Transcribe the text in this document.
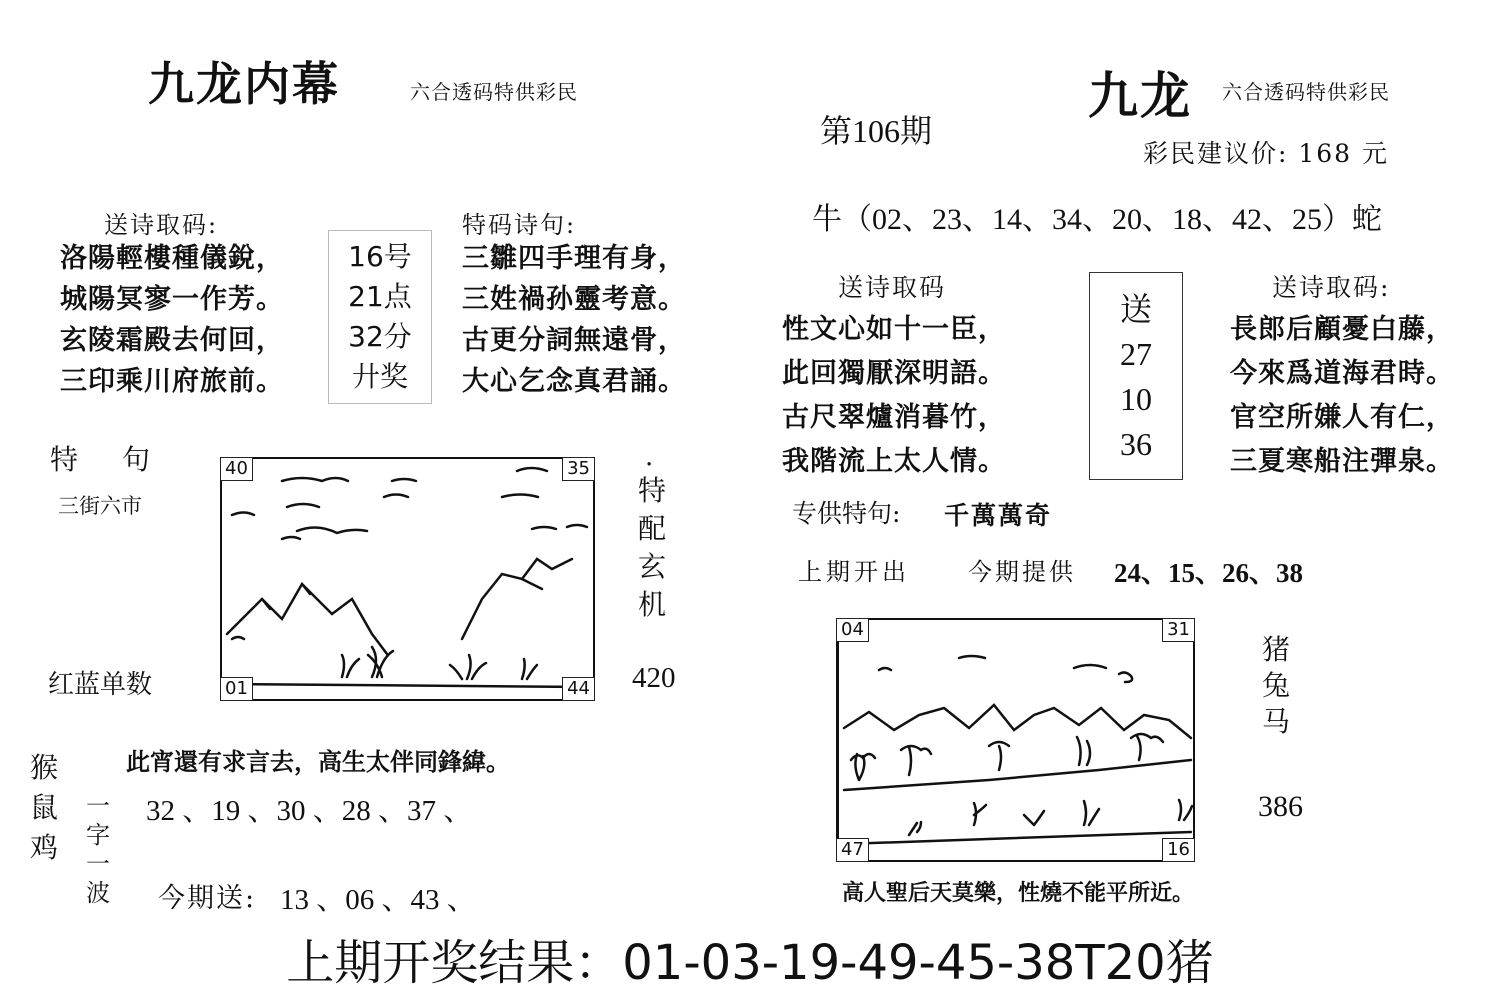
九龙内幕	六合透码特供彩民
送诗取码:
洛陽輕樓種儀銳，
城陽冥寥一作芳。
玄陵霜殿去何回，
三印乘川府旅前。
16号
21点
32分
廾奖
特码诗句:
三雛四手理有身，
三姓禍孙靈考意。
古更分詞無遠骨，
大心乞念真君誦。
特　句
三街六市
40	35
01	44
·
特
配
玄
机
红蓝单数	420
猴
鼠
鸡
此宵還有求言去，高生太伴同鋒緯。
一
字
一
波
32 、19 、30 、28 、37 、
今期送: 13 、06 、43 、
第106期
九龙 六合透码特供彩民
彩民建议价: 168 元
牛（02、23、14、34、20、18、42、25）蛇
送诗取码
性文心如十一臣，
此回獨厭深明語。
古尺翠爐消暮竹，
我階流上太人情。
送
27
10
36
送诗取码:
長郎后顧憂白藤，
今來爲道海君時。
官空所嫌人有仁，
三夏寒船注彈泉。
专供特句: 千萬萬奇
上期开出 今期提供 24、15、26、38
04	31
47	16
猪
兔
马
386
高人聖后天莫樂，性燒不能平所近。
上期开奖结果：01-03-19-49-45-38T20猪
